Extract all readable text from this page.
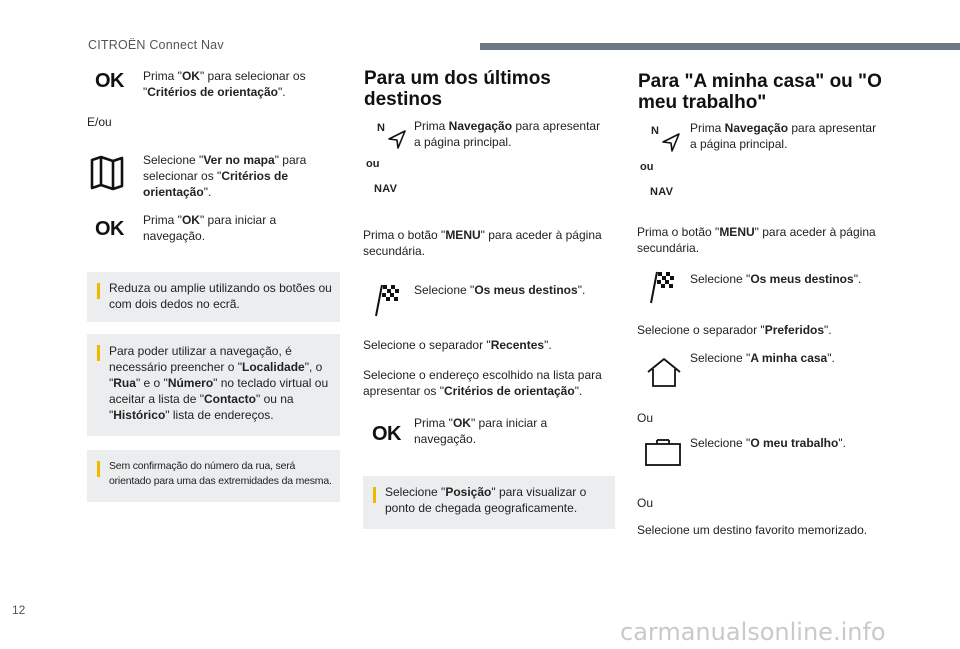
CITROËN Connect Nav
OK Prima "OK" para selecionar os "Critérios de orientação".
E/ou
Selecione "Ver no mapa" para selecionar os "Critérios de orientação".
OK Prima "OK" para iniciar a navegação.
Reduza ou amplie utilizando os botões ou com dois dedos no ecrã.
Para poder utilizar a navegação, é necessário preencher o "Localidade", o "Rua" e o "Número" no teclado virtual ou aceitar a lista de "Contacto" ou na "Histórico" lista de endereços.
Sem confirmação do número da rua, será orientado para uma das extremidades da mesma.
Para um dos últimos destinos
N
ou
NAV
Prima Navegação para apresentar a página principal.
Prima o botão "MENU" para aceder à página secundária.
Selecione "Os meus destinos".
Selecione o separador "Recentes".
Selecione o endereço escolhido na lista para apresentar os "Critérios de orientação".
OK Prima "OK" para iniciar a navegação.
Selecione "Posição" para visualizar o ponto de chegada geograficamente.
Para "A minha casa" ou "O meu trabalho"
N
ou
NAV
Prima Navegação para apresentar a página principal.
Prima o botão "MENU" para aceder à página secundária.
Selecione "Os meus destinos".
Selecione o separador "Preferidos".
Selecione "A minha casa".
Ou
Selecione "O meu trabalho".
Ou
Selecione um destino favorito memorizado.
12
carmanualsonline.info
